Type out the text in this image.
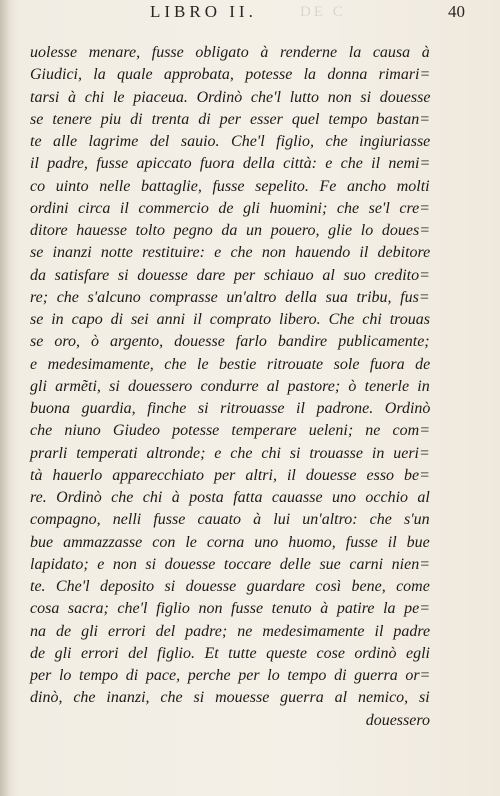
DE C
LIBRO II.	40
uolesse menare, fusse obligato à renderne la causa à
Giudici, la quale approbata, potesse la donna rimari=
tarsi à chi le piaceua. Ordinò che'l lutto non si douesse
se tenere piu di trenta di per esser quel tempo bastan=
te alle lagrime del sauio. Che'l figlio, che ingiuriasse
il padre, fusse apiccato fuora della città: e che il nemi=
co uinto nelle battaglie, fusse sepelito. Fe ancho molti
ordini circa il commercio de gli huomini; che se'l cre=
ditore hauesse tolto pegno da un pouero, glie lo doues=
se inanzi notte restituire: e che non hauendo il debitore
da satisfare si douesse dare per schiauo al suo credito=
re; che s'alcuno comprasse un'altro della sua tribu, fus=
se in capo di sei anni il comprato libero. Che chi trouas
se oro, ò argento, douesse farlo bandire publicamente;
e medesimamente, che le bestie ritrouate sole fuora de
gli armẽti, si douessero condurre al pastore; ò tenerle in
buona guardia, finche si ritrouasse il padrone. Ordinò
che niuno Giudeo potesse temperare ueleni; ne com=
prarli temperati altronde; e che chi si trouasse in ueri=
tà hauerlo apparecchiato per altri, il douesse esso be=
re. Ordinò che chi à posta fatta cauasse uno occhio al
compagno, nelli fusse cauato à lui un'altro: che s'un
bue ammazzasse con le corna uno huomo, fusse il bue
lapidato; e non si douesse toccare delle sue carni nien=
te. Che'l deposito si douesse guardare così bene, come
cosa sacra; che'l figlio non fusse tenuto à patire la pe=
na de gli errori del padre; ne medesimamente il padre
de gli errori del figlio. Et tutte queste cose ordinò egli
per lo tempo di pace, perche per lo tempo di guerra or=
dinò, che inanzi, che si mouesse guerra al nemico, si
douessero
